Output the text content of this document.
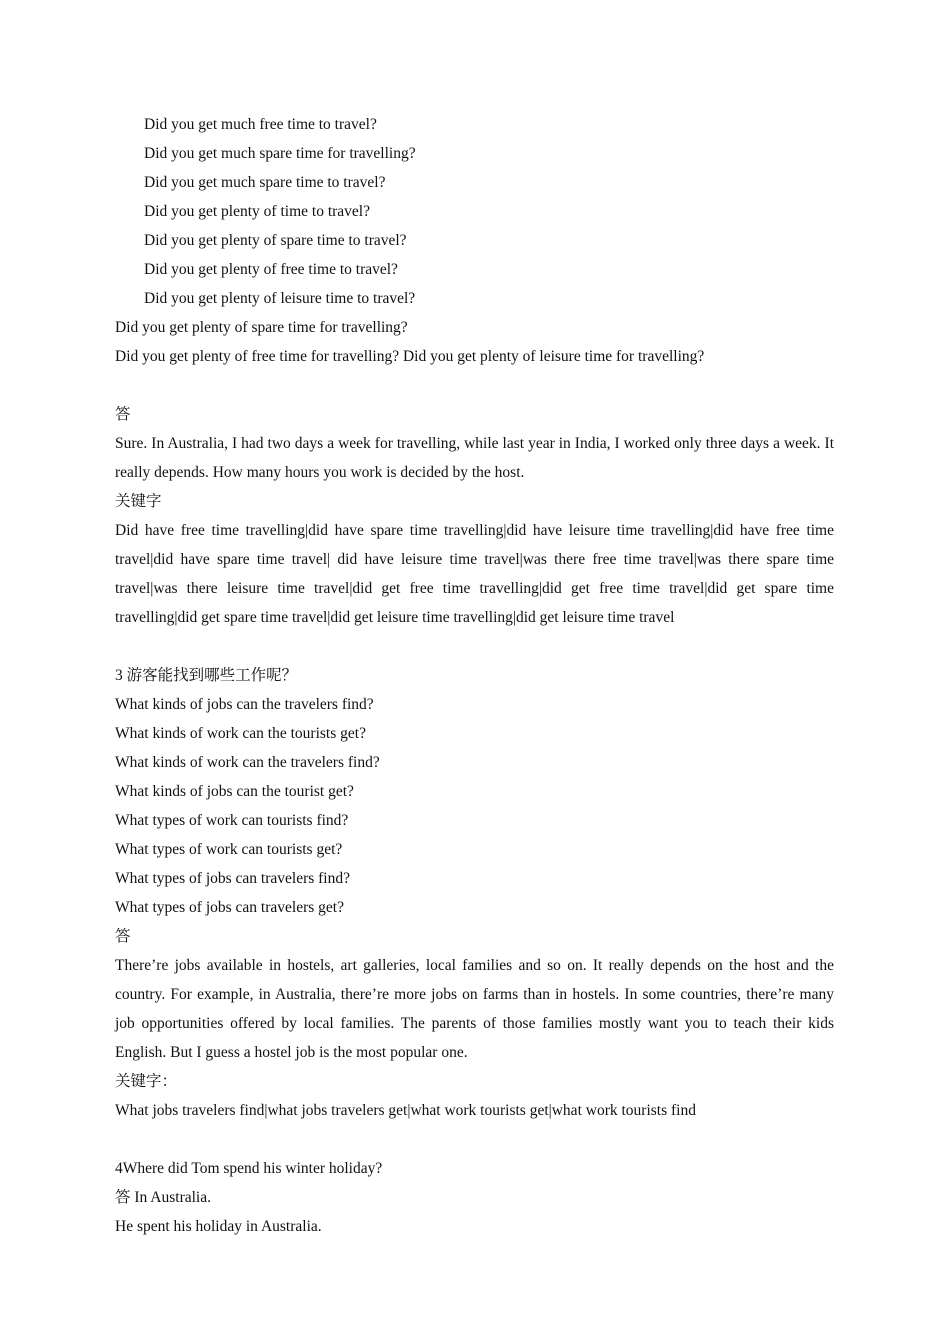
Did you get much free time to travel?
Did you get much spare time for travelling?
Did you get much spare time to travel?
Did you get plenty of time to travel?
Did you get plenty of spare time to travel?
Did you get plenty of free time to travel?
Did you get plenty of leisure time to travel?
Did you get plenty of spare time for travelling?
Did you get plenty of free time for travelling? Did you get plenty of leisure time for travelling?
答
Sure. In Australia, I had two days a week for travelling, while last year in India, I worked only three days a week. It really depends. How many hours you work is decided by the host.
关键字
Did have free time travelling|did have spare time travelling|did have leisure time travelling|did have free time travel|did have spare time travel| did have leisure time travel|was there free time travel|was there spare time travel|was there leisure time travel|did get free time travelling|did get free time travel|did get spare time travelling|did get spare time travel|did get leisure time travelling|did get leisure time travel
3 游客能找到哪些工作呢？
What kinds of jobs can the travelers find?
What kinds of work can the tourists get?
What kinds of work can the travelers find?
What kinds of jobs can the tourist get?
What types of work can tourists find?
What types of work can tourists get?
What types of jobs can travelers find?
What types of jobs can travelers get?
答
There’re jobs available in hostels, art galleries, local families and so on. It really depends on the host and the country. For example, in Australia, there’re more jobs on farms than in hostels. In some countries, there’re many job opportunities offered by local families. The parents of those families mostly want you to teach their kids English. But I guess a hostel job is the most popular one.
关键字：
What jobs travelers find|what jobs travelers get|what work tourists get|what work tourists find
4Where did Tom spend his winter holiday?
答 In Australia.
He spent his holiday in Australia.
